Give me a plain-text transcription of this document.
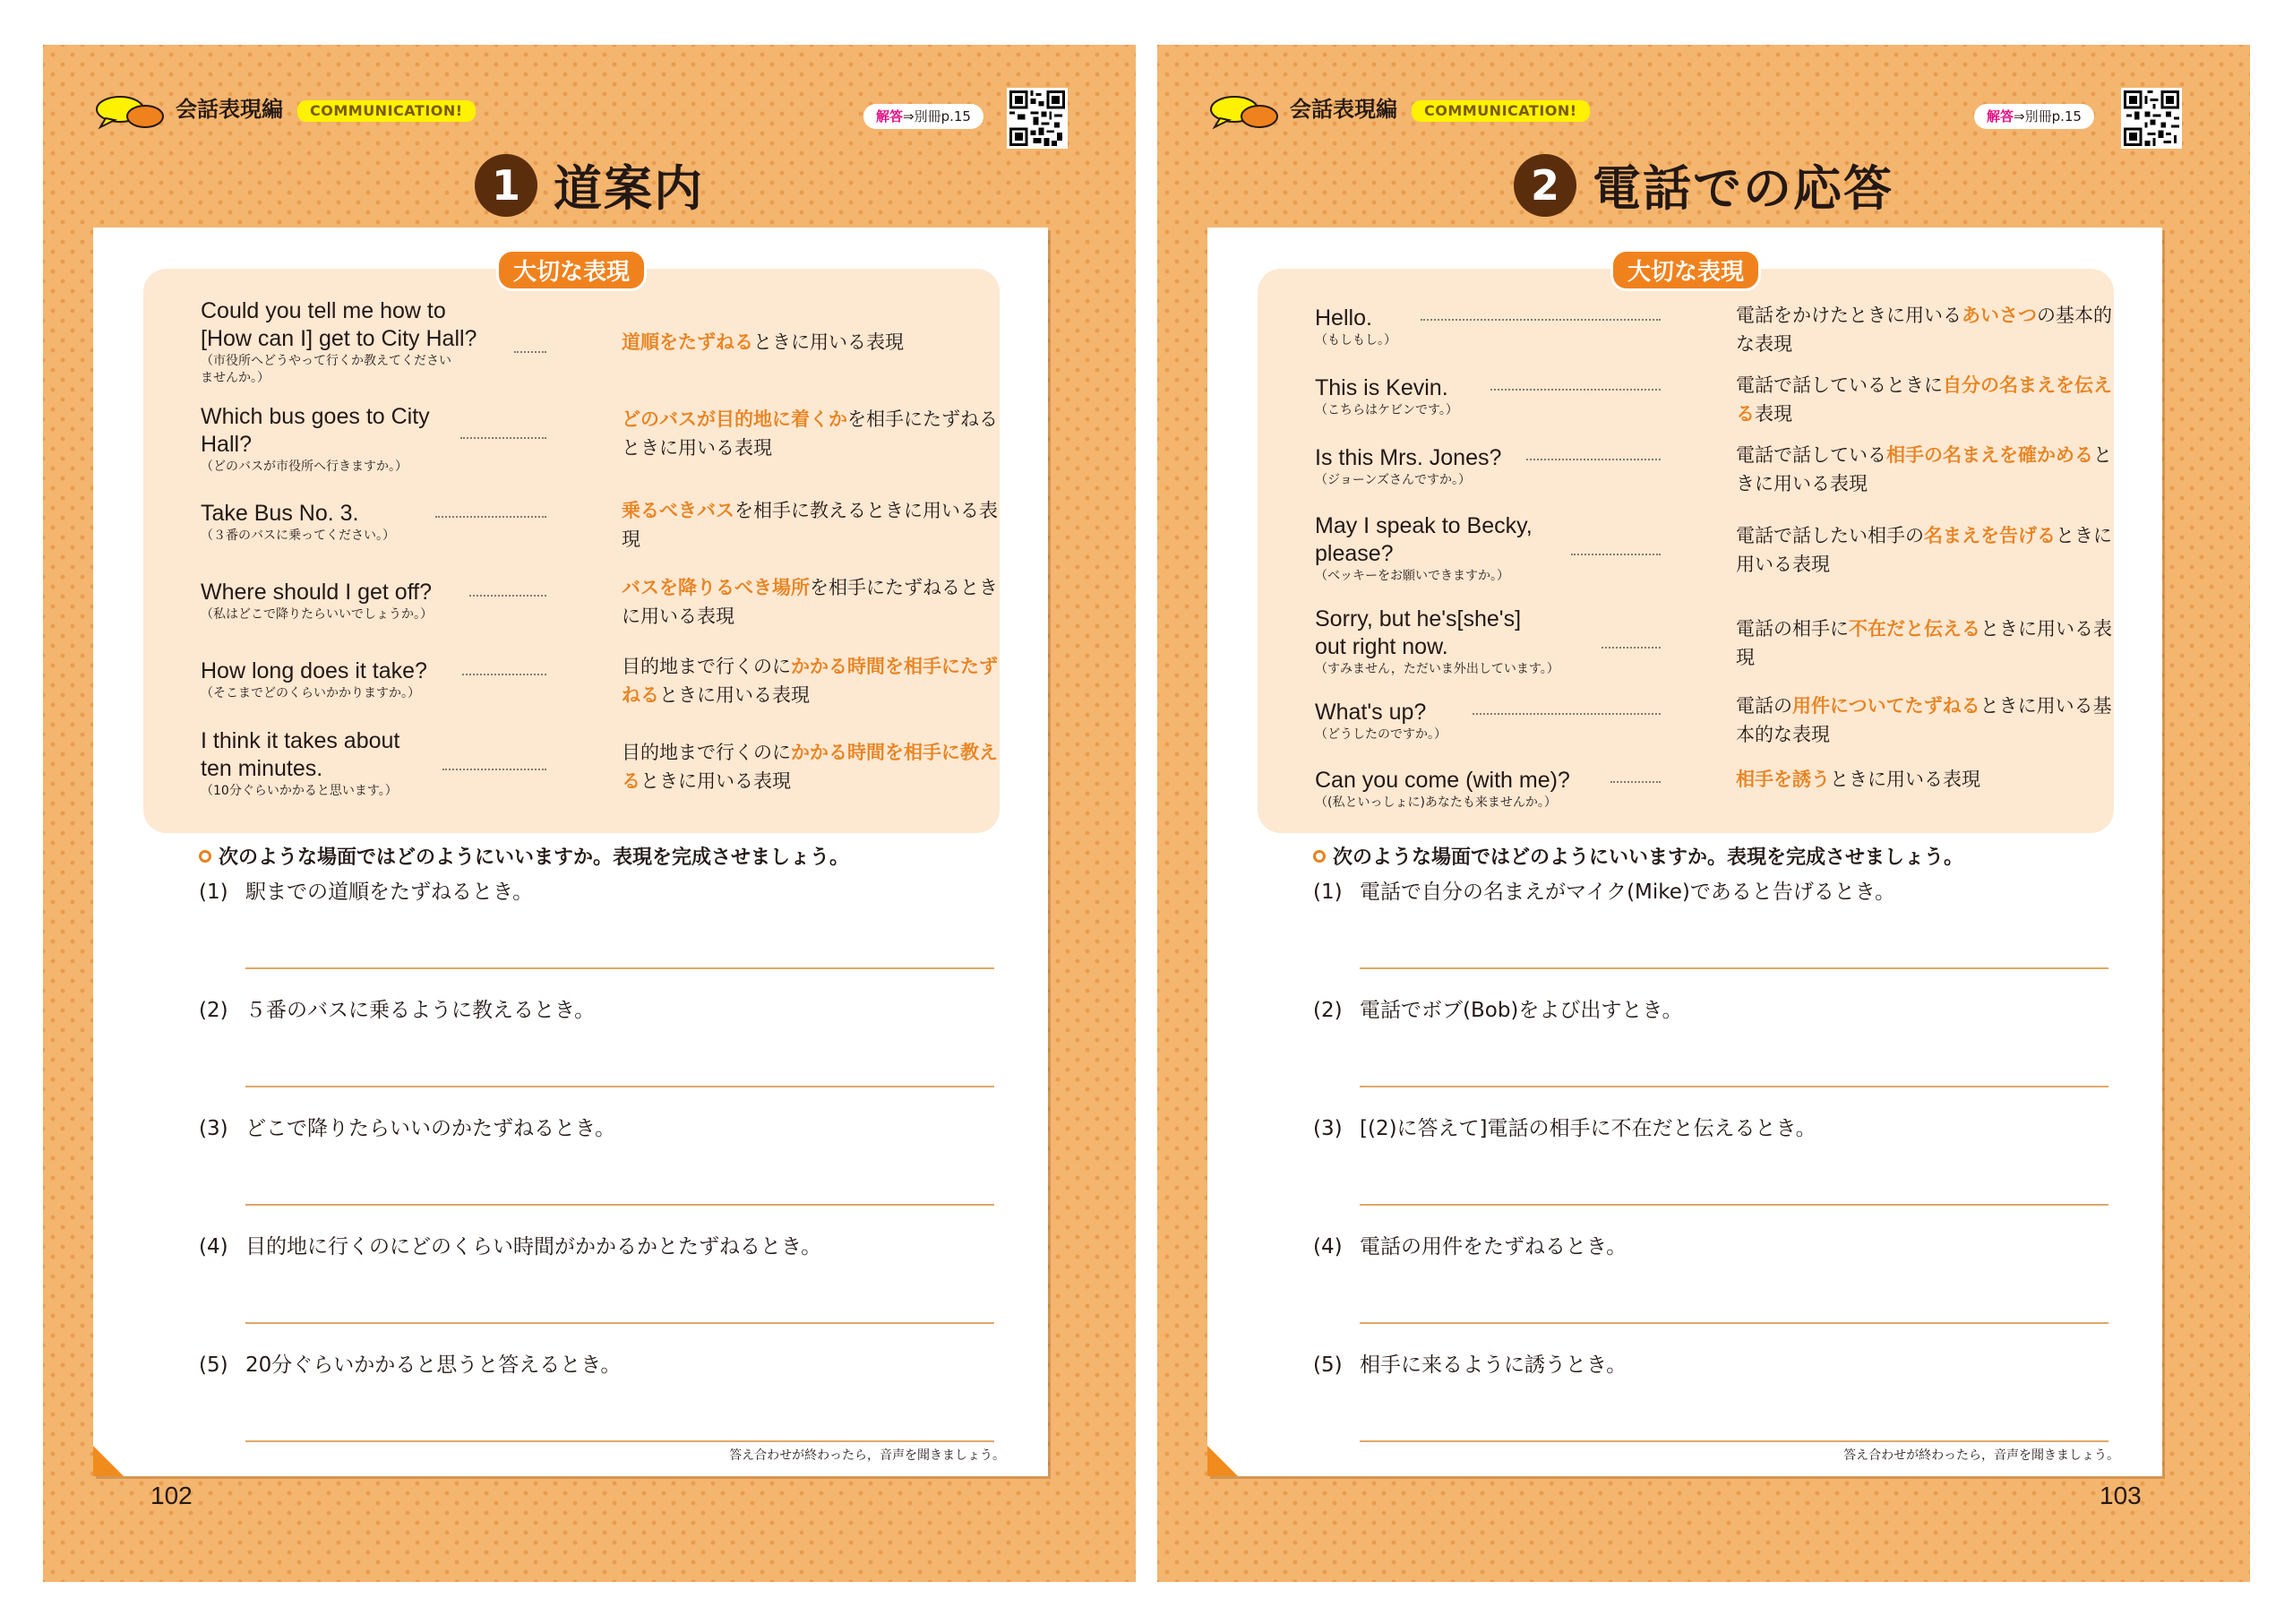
会話表現編	COMMUNICATION!	解答⇒別冊p.15
1 道案内
大切な表現
Could you tell me how to
[How can I] get to City Hall?
（市役所へどうやって行くか教えてください
ませんか。）
道順をたずねるときに用いる表現
Which bus goes to City
Hall?
（どのバスが市役所へ行きますか。）
どのバスが目的地に着くかを相手にたずねるときに用いる表現
Take Bus No. 3.
（３番のバスに乗ってください。）
乗るべきバスを相手に教えるときに用いる表現
Where should I get off?
（私はどこで降りたらいいでしょうか。）
バスを降りるべき場所を相手にたずねるときに用いる表現
How long does it take?
（そこまでどのくらいかかりますか。）
目的地まで行くのにかかる時間を相手にたずねるときに用いる表現
I think it takes about
ten minutes.
（10分ぐらいかかると思います。）
目的地まで行くのにかかる時間を相手に教えるときに用いる表現
次のような場面ではどのようにいいますか。表現を完成させましょう。
(1) 駅までの道順をたずねるとき。
(2) ５番のバスに乗るように教えるとき。
(3) どこで降りたらいいのかたずねるとき。
(4) 目的地に行くのにどのくらい時間がかかるかとたずねるとき。
(5) 20分ぐらいかかると思うと答えるとき。
答え合わせが終わったら，音声を聞きましょう。
102
会話表現編	COMMUNICATION!	解答⇒別冊p.15
2 電話での応答
大切な表現
Hello.
（もしもし。）
電話をかけたときに用いるあいさつの基本的な表現
This is Kevin.
（こちらはケビンです。）
電話で話しているときに自分の名まえを伝える表現
Is this Mrs. Jones?
（ジョーンズさんですか。）
電話で話している相手の名まえを確かめるときに用いる表現
May I speak to Becky,
please?
（ベッキーをお願いできますか。）
電話で話したい相手の名まえを告げるときに用いる表現
Sorry, but he's[she's]
out right now.
（すみません，ただいま外出しています。）
電話の相手に不在だと伝えるときに用いる表現
What's up?
（どうしたのですか。）
電話の用件についてたずねるときに用いる基本的な表現
Can you come (with me)?
（(私といっしょに)あなたも来ませんか。）
相手を誘うときに用いる表現
次のような場面ではどのようにいいますか。表現を完成させましょう。
(1) 電話で自分の名まえがマイク(Mike)であると告げるとき。
(2) 電話でボブ(Bob)をよび出すとき。
(3) [(2)に答えて]電話の相手に不在だと伝えるとき。
(4) 電話の用件をたずねるとき。
(5) 相手に来るように誘うとき。
答え合わせが終わったら，音声を聞きましょう。
103
